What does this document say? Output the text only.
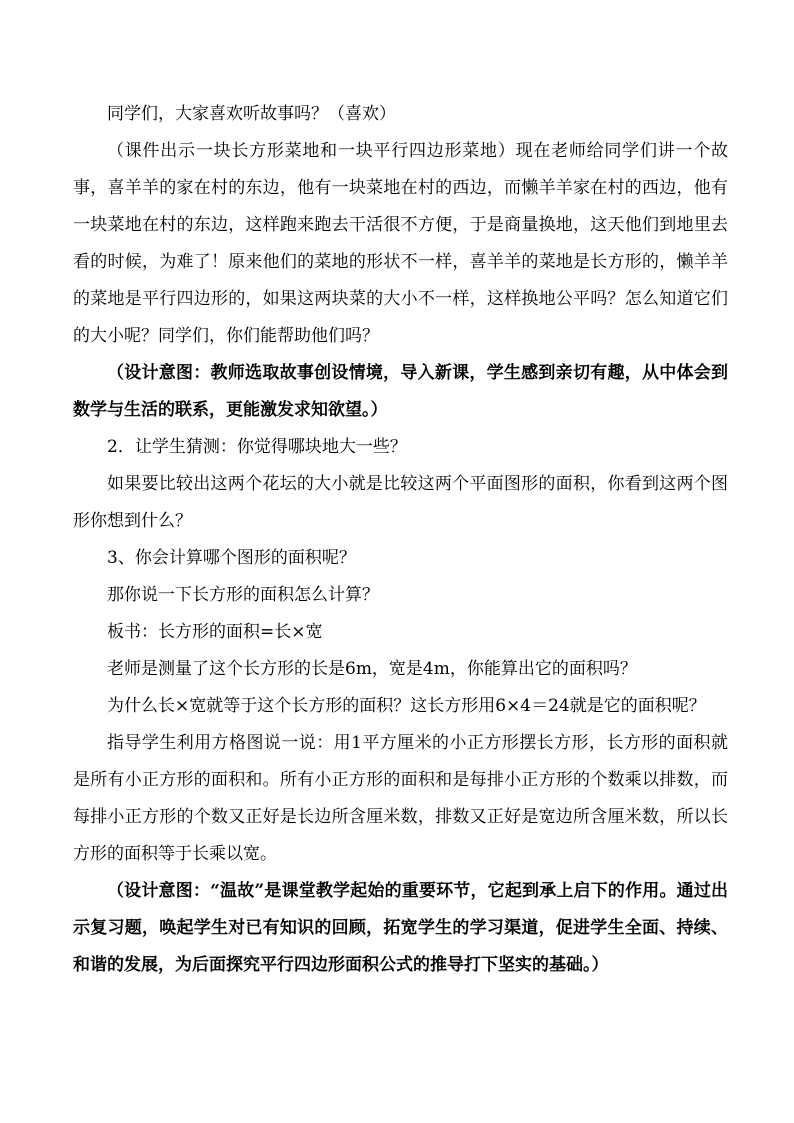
同学们，大家喜欢听故事吗？（喜欢）

（课件出示一块长方形菜地和一块平行四边形菜地）现在老师给同学们讲一个故事，喜羊羊的家在村的东边，他有一块菜地在村的西边，而懒羊羊家在村的西边，他有一块菜地在村的东边，这样跑来跑去干活很不方便，于是商量换地，这天他们到地里去看的时候，为难了！原来他们的菜地的形状不一样，喜羊羊的菜地是长方形的，懒羊羊的菜地是平行四边形的，如果这两块菜的大小不一样，这样换地公平吗？怎么知道它们的大小呢？同学们，你们能帮助他们吗？

（设计意图：教师选取故事创设情境，导入新课，学生感到亲切有趣，从中体会到数学与生活的联系，更能激发求知欲望。）

2．让学生猜测：你觉得哪块地大一些？

如果要比较出这两个花坛的大小就是比较这两个平面图形的面积，你看到这两个图形你想到什么？

3、你会计算哪个图形的面积呢？

那你说一下长方形的面积怎么计算？

板书：长方形的面积=长×宽

老师是测量了这个长方形的长是6m，宽是4m，你能算出它的面积吗？

为什么长×宽就等于这个长方形的面积？这长方形用6×4＝24就是它的面积呢？

指导学生利用方格图说一说：用1平方厘米的小正方形摆长方形，长方形的面积就是所有小正方形的面积和。所有小正方形的面积和是每排小正方形的个数乘以排数，而每排小正方形的个数又正好是长边所含厘米数，排数又正好是宽边所含厘米数，所以长方形的面积等于长乘以宽。

（设计意图：“温故”是课堂教学起始的重要环节，它起到承上启下的作用。通过出示复习题，唤起学生对已有知识的回顾，拓宽学生的学习渠道，促进学生全面、持续、和谐的发展，为后面探究平行四边形面积公式的推导打下坚实的基础。）
